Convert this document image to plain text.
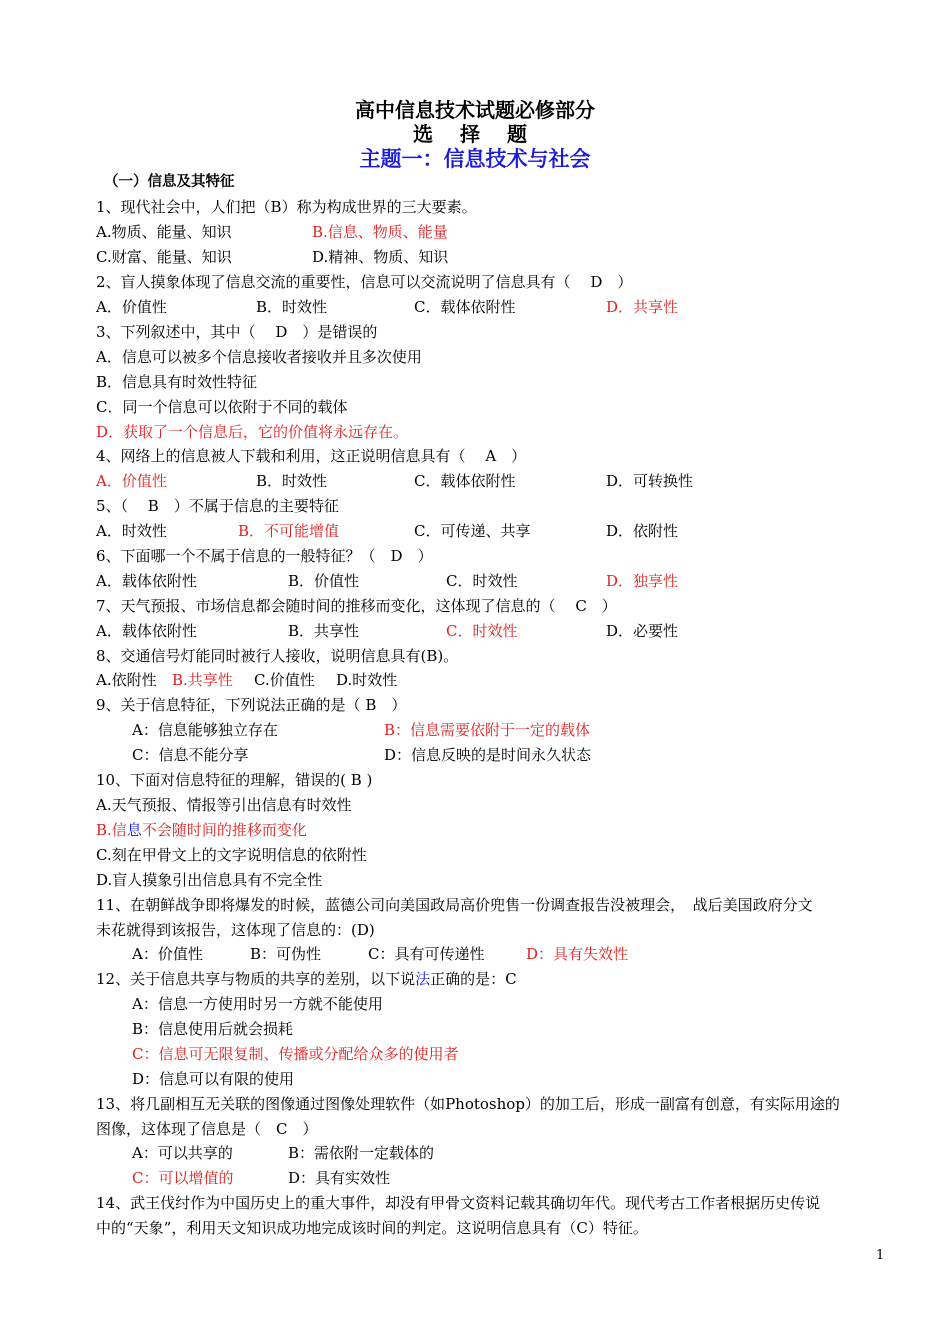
高中信息技术试题必修部分
选 择 题
主题一：信息技术与社会
（一）信息及其特征
1、现代社会中，人们把（B）称为构成世界的三大要素。
A.物质、能量、知识	B.信息、物质、能量
C.财富、能量、知识	D.精神、物质、知识
2、盲人摸象体现了信息交流的重要性，信息可以交流说明了信息具有（　 D　）
A．价值性	B．时效性	C．载体依附性	D．共享性
3、下列叙述中，其中（　 D　）是错误的
A．信息可以被多个信息接收者接收并且多次使用
B．信息具有时效性特征
C．同一个信息可以依附于不同的载体
D．获取了一个信息后，它的价值将永远存在。
4、网络上的信息被人下载和利用，这正说明信息具有（　 A　）
A．价值性	B．时效性	C．载体依附性	D．可转换性
5、（　 B　）不属于信息的主要特征
A．时效性	B．不可能增值	C．可传递、共享	D．依附性
6、下面哪一个不属于信息的一般特征？（　D　）
A．载体依附性	B．价值性	C．时效性	D．独享性
7、天气预报、市场信息都会随时间的推移而变化，这体现了信息的（　 C　）
A．载体依附性	B．共享性	C．时效性	D．必要性
8、交通信号灯能同时被行人接收，说明信息具有(B)。
A.依附性 B.共享性 C.价值性 D.时效性
9、关于信息特征，下列说法正确的是（ B　）
A：信息能够独立存在	B：信息需要依附于一定的载体
C：信息不能分享	D：信息反映的是时间永久状态
10、下面对信息特征的理解，错误的( B )
A.天气预报、情报等引出信息有时效性
B.信息不会随时间的推移而变化
C.刻在甲骨文上的文字说明信息的依附性
D.盲人摸象引出信息具有不完全性
11、在朝鲜战争即将爆发的时候，蓝德公司向美国政局高价兜售一份调查报告没被理会，　战后美国政府分文
未花就得到该报告，这体现了信息的：(D)
A：价值性	B：可伪性	C：具有可传递性	D：具有失效性
12、关于信息共享与物质的共享的差别，以下说法正确的是：C
A：信息一方使用时另一方就不能使用
B：信息使用后就会损耗
C：信息可无限复制、传播或分配给众多的使用者
D：信息可以有限的使用
13、将几副相互无关联的图像通过图像处理软件（如Photoshop）的加工后，形成一副富有创意，有实际用途的
图像，这体现了信息是（　C　）
A：可以共享的	B：需依附一定载体的
C：可以增值的	D：具有实效性
14、武王伐纣作为中国历史上的重大事件，却没有甲骨文资料记载其确切年代。现代考古工作者根据历史传说
中的“天象”，利用天文知识成功地完成该时间的判定。这说明信息具有（C）特征。
1
